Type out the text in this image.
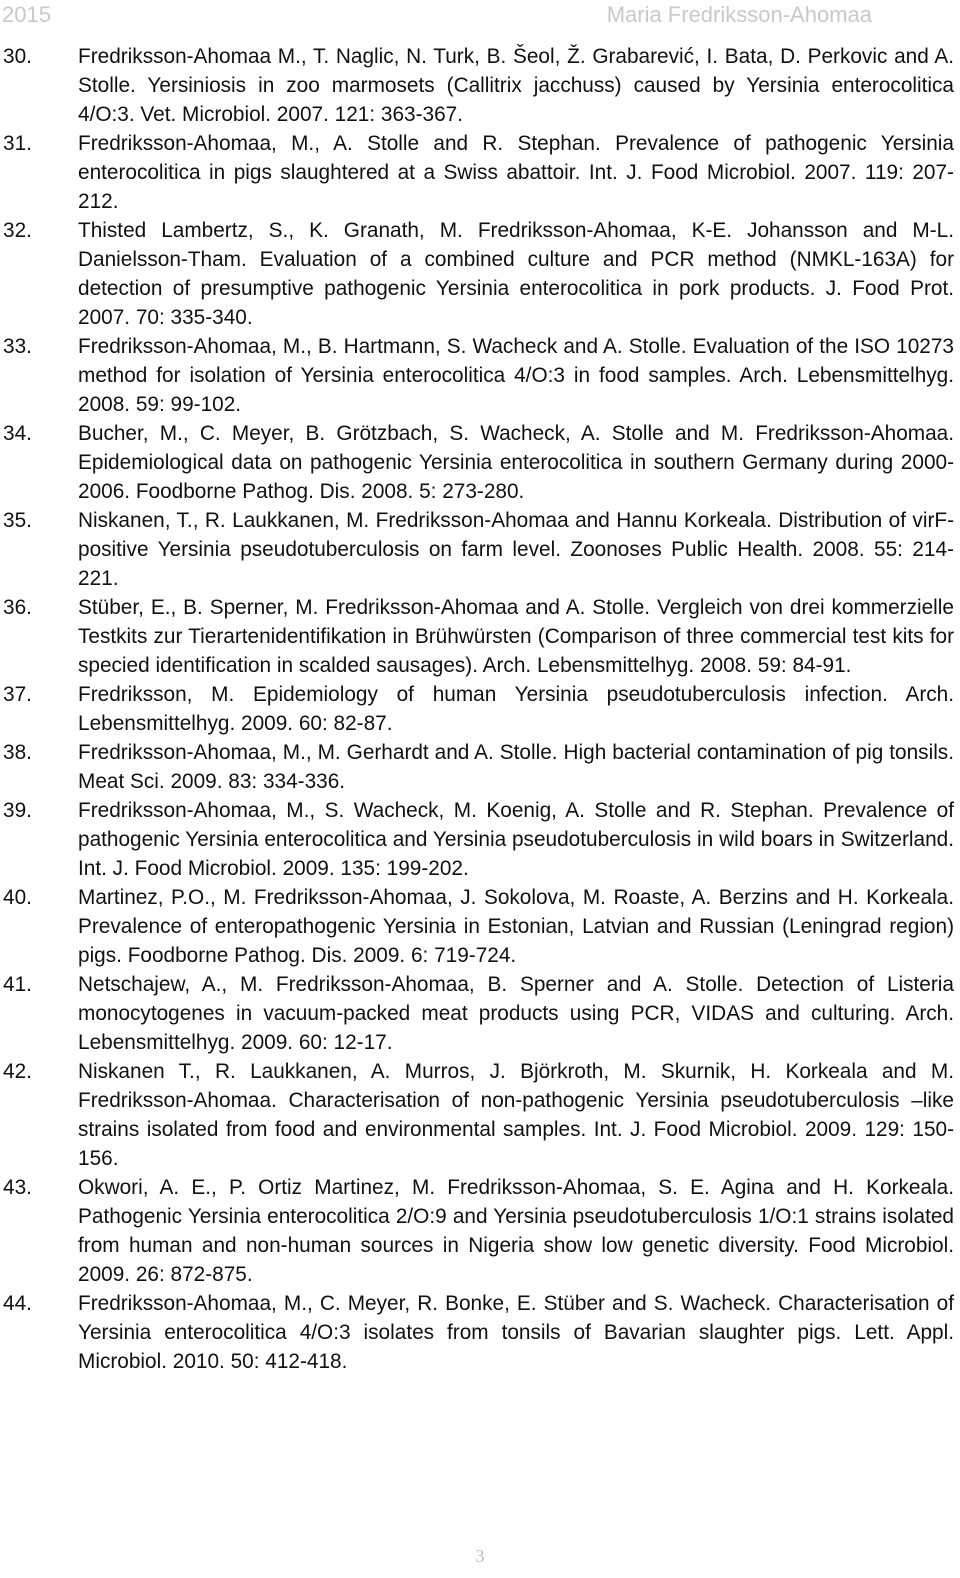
2015	Maria Fredriksson-Ahomaa
30. Fredriksson-Ahomaa M., T. Naglic, N. Turk, B. Šeol, Ž. Grabarević, I. Bata, D. Perkovic and A. Stolle. Yersiniosis in zoo marmosets (Callitrix jacchuss) caused by Yersinia enterocolitica 4/O:3. Vet. Microbiol. 2007. 121: 363-367.
31. Fredriksson-Ahomaa, M., A. Stolle and R. Stephan. Prevalence of pathogenic Yersinia enterocolitica in pigs slaughtered at a Swiss abattoir. Int. J. Food Microbiol. 2007. 119: 207-212.
32. Thisted Lambertz, S., K. Granath, M. Fredriksson-Ahomaa, K-E. Johansson and M-L. Danielsson-Tham. Evaluation of a combined culture and PCR method (NMKL-163A) for detection of presumptive pathogenic Yersinia enterocolitica in pork products. J. Food Prot. 2007. 70: 335-340.
33. Fredriksson-Ahomaa, M., B. Hartmann, S. Wacheck and A. Stolle. Evaluation of the ISO 10273 method for isolation of Yersinia enterocolitica 4/O:3 in food samples. Arch. Lebensmittelhyg. 2008. 59: 99-102.
34. Bucher, M., C. Meyer, B. Grötzbach, S. Wacheck, A. Stolle and M. Fredriksson-Ahomaa. Epidemiological data on pathogenic Yersinia enterocolitica in southern Germany during 2000-2006. Foodborne Pathog. Dis. 2008. 5: 273-280.
35. Niskanen, T., R. Laukkanen, M. Fredriksson-Ahomaa and Hannu Korkeala. Distribution of virF-positive Yersinia pseudotuberculosis on farm level. Zoonoses Public Health. 2008. 55: 214-221.
36. Stüber, E., B. Sperner, M. Fredriksson-Ahomaa and A. Stolle. Vergleich von drei kommerzielle Testkits zur Tierartenidentifikation in Brühwürsten (Comparison of three commercial test kits for specied identification in scalded sausages). Arch. Lebensmittelhyg. 2008. 59: 84-91.
37. Fredriksson, M. Epidemiology of human Yersinia pseudotuberculosis infection. Arch. Lebensmittelhyg. 2009. 60: 82-87.
38. Fredriksson-Ahomaa, M., M. Gerhardt and A. Stolle. High bacterial contamination of pig tonsils. Meat Sci. 2009. 83: 334-336.
39. Fredriksson-Ahomaa, M., S. Wacheck, M. Koenig, A. Stolle and R. Stephan. Prevalence of pathogenic Yersinia enterocolitica and Yersinia pseudotuberculosis in wild boars in Switzerland. Int. J. Food Microbiol. 2009. 135: 199-202.
40. Martinez, P.O., M. Fredriksson-Ahomaa, J. Sokolova, M. Roaste, A. Berzins and H. Korkeala. Prevalence of enteropathogenic Yersinia in Estonian, Latvian and Russian (Leningrad region) pigs. Foodborne Pathog. Dis. 2009. 6: 719-724.
41. Netschajew, A., M. Fredriksson-Ahomaa, B. Sperner and A. Stolle. Detection of Listeria monocytogenes in vacuum-packed meat products using PCR, VIDAS and culturing. Arch. Lebensmittelhyg. 2009. 60: 12-17.
42. Niskanen T., R. Laukkanen, A. Murros, J. Björkroth, M. Skurnik, H. Korkeala and M. Fredriksson-Ahomaa. Characterisation of non-pathogenic Yersinia pseudotuberculosis –like strains isolated from food and environmental samples. Int. J. Food Microbiol. 2009. 129: 150-156.
43. Okwori, A. E., P. Ortiz Martinez, M. Fredriksson-Ahomaa, S. E. Agina and H. Korkeala. Pathogenic Yersinia enterocolitica 2/O:9 and Yersinia pseudotuberculosis 1/O:1 strains isolated from human and non-human sources in Nigeria show low genetic diversity. Food Microbiol. 2009. 26: 872-875.
44. Fredriksson-Ahomaa, M., C. Meyer, R. Bonke, E. Stüber and S. Wacheck. Characterisation of Yersinia enterocolitica 4/O:3 isolates from tonsils of Bavarian slaughter pigs. Lett. Appl. Microbiol. 2010. 50: 412-418.
3
